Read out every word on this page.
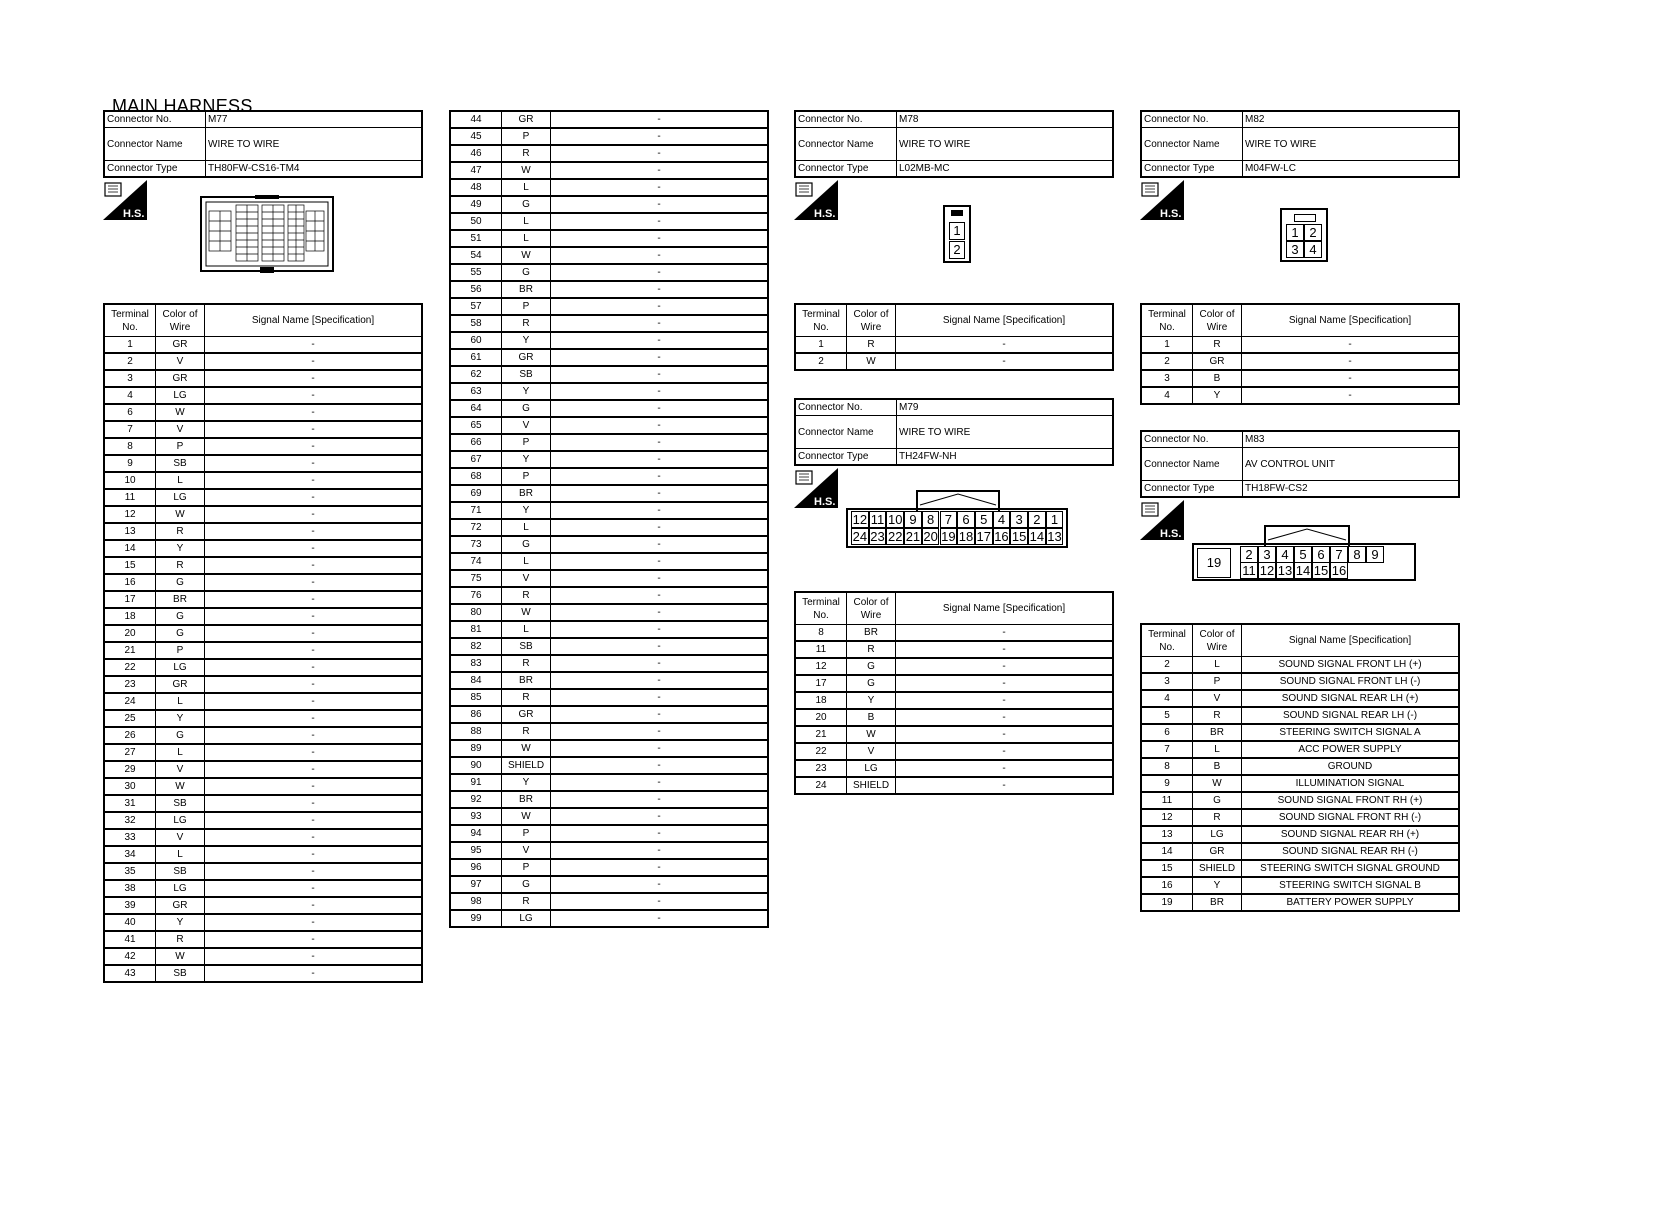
MAIN HARNESS
Connector No.	M77
Connector Name	WIRE TO WIRE
Connector Type	TH80FW-CS16-TM4
H.S.
Terminal No.	Color of Wire	Signal Name [Specification]
1	GR	-
2	V	-
3	GR	-
4	LG	-
6	W	-
7	V	-
8	P	-
9	SB	-
10	L	-
11	LG	-
12	W	-
13	R	-
14	Y	-
15	R	-
16	G	-
17	BR	-
18	G	-
20	G	-
21	P	-
22	LG	-
23	GR	-
24	L	-
25	Y	-
26	G	-
27	L	-
29	V	-
30	W	-
31	SB	-
32	LG	-
33	V	-
34	L	-
35	SB	-
38	LG	-
39	GR	-
40	Y	-
41	R	-
42	W	-
43	SB	-
44	GR	-
45	P	-
46	R	-
47	W	-
48	L	-
49	G	-
50	L	-
51	L	-
54	W	-
55	G	-
56	BR	-
57	P	-
58	R	-
60	Y	-
61	GR	-
62	SB	-
63	Y	-
64	G	-
65	V	-
66	P	-
67	Y	-
68	P	-
69	BR	-
71	Y	-
72	L	-
73	G	-
74	L	-
75	V	-
76	R	-
80	W	-
81	L	-
82	SB	-
83	R	-
84	BR	-
85	R	-
86	GR	-
88	R	-
89	W	-
90	SHIELD	-
91	Y	-
92	BR	-
93	W	-
94	P	-
95	V	-
96	P	-
97	G	-
98	R	-
99	LG	-
Connector No.	M78
Connector Name	WIRE TO WIRE
Connector Type	L02MB-MC
H.S.
1
2
Terminal No.	Color of Wire	Signal Name [Specification]
1	R	-
2	W	-
Connector No.	M79
Connector Name	WIRE TO WIRE
Connector Type	TH24FW-NH
H.S.
12 11 10 9 8 7 6 5 4 3 2 1
24 23 22 21 20 19 18 17 16 15 14 13
Terminal No.	Color of Wire	Signal Name [Specification]
8	BR	-
11	R	-
12	G	-
17	G	-
18	Y	-
20	B	-
21	W	-
22	V	-
23	LG	-
24	SHIELD	-
Connector No.	M82
Connector Name	WIRE TO WIRE
Connector Type	M04FW-LC
H.S.
1 2
3 4
Terminal No.	Color of Wire	Signal Name [Specification]
1	R	-
2	GR	-
3	B	-
4	Y	-
Connector No.	M83
Connector Name	AV CONTROL UNIT
Connector Type	TH18FW-CS2
H.S.
19
2 3 4 5 6 7 8 9
11 12 13 14 15 16
Terminal No.	Color of Wire	Signal Name [Specification]
2	L	SOUND SIGNAL FRONT LH (+)
3	P	SOUND SIGNAL FRONT LH (-)
4	V	SOUND SIGNAL REAR LH (+)
5	R	SOUND SIGNAL REAR LH (-)
6	BR	STEERING SWITCH SIGNAL A
7	L	ACC POWER SUPPLY
8	B	GROUND
9	W	ILLUMINATION SIGNAL
11	G	SOUND SIGNAL FRONT RH (+)
12	R	SOUND SIGNAL FRONT RH (-)
13	LG	SOUND SIGNAL REAR RH (+)
14	GR	SOUND SIGNAL REAR RH (-)
15	SHIELD	STEERING SWITCH SIGNAL GROUND
16	Y	STEERING SWITCH SIGNAL B
19	BR	BATTERY POWER SUPPLY
